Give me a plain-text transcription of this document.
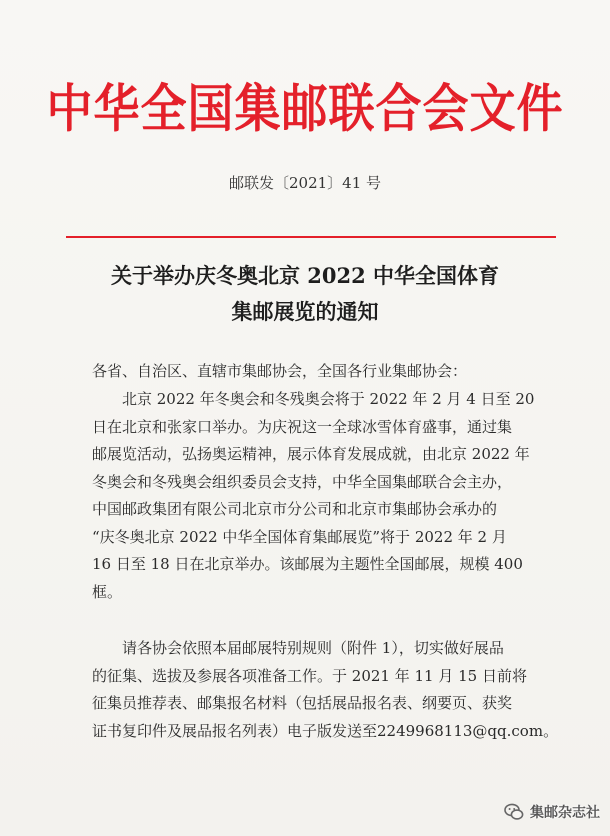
中华全国集邮联合会文件
邮联发〔2021〕41 号
关于举办庆冬奥北京 2022 中华全国体育
集邮展览的通知
各省、自治区、直辖市集邮协会，全国各行业集邮协会：
　　北京 2022 年冬奥会和冬残奥会将于 2022 年 2 月 4 日至 20
日在北京和张家口举办。为庆祝这一全球冰雪体育盛事，通过集
邮展览活动，弘扬奥运精神，展示体育发展成就，由北京 2022 年
冬奥会和冬残奥会组织委员会支持，中华全国集邮联合会主办，
中国邮政集团有限公司北京市分公司和北京市集邮协会承办的
“庆冬奥北京 2022 中华全国体育集邮展览”将于 2022 年 2 月
16 日至 18 日在北京举办。该邮展为主题性全国邮展，规模 400
框。
　　请各协会依照本届邮展特别规则（附件 1），切实做好展品
的征集、选拔及参展各项准备工作。于 2021 年 11 月 15 日前将
征集员推荐表、邮集报名材料（包括展品报名表、纲要页、获奖
证书复印件及展品报名列表）电子版发送至2249968113@qq.com。
集邮杂志社
